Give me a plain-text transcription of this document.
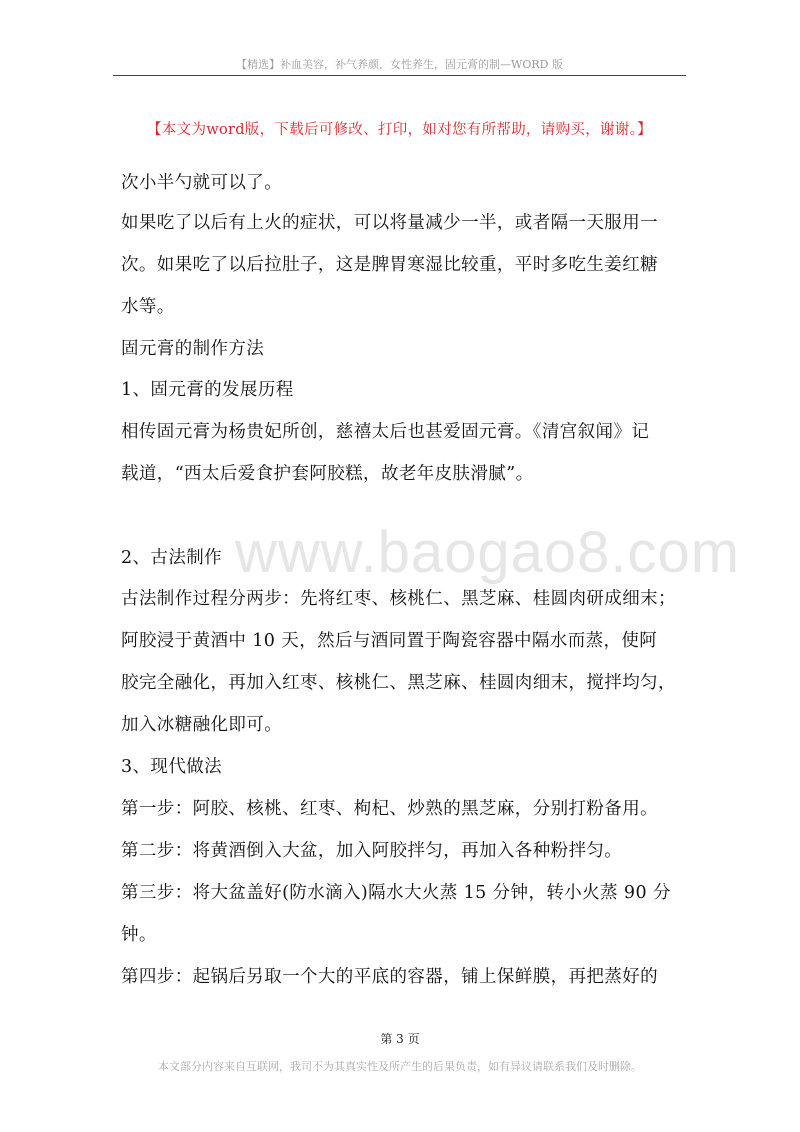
【精选】补血美容，补气养颜，女性养生，固元膏的制—WORD 版
【本文为word版，下载后可修改、打印，如对您有所帮助，请购买，谢谢。】
次小半勺就可以了。
如果吃了以后有上火的症状，可以将量减少一半，或者隔一天服用一
次。如果吃了以后拉肚子，这是脾胃寒湿比较重，平时多吃生姜红糖
水等。
固元膏的制作方法
1、固元膏的发展历程
相传固元膏为杨贵妃所创，慈禧太后也甚爱固元膏。《清宫叙闻》记
载道，“西太后爱食护套阿胶糕，故老年皮肤滑腻”。
2、古法制作
古法制作过程分两步：先将红枣、核桃仁、黑芝麻、桂圆肉研成细末；
阿胶浸于黄酒中 10 天，然后与酒同置于陶瓷容器中隔水而蒸，使阿
胶完全融化，再加入红枣、核桃仁、黑芝麻、桂圆肉细末，搅拌均匀，
加入冰糖融化即可。
3、现代做法
第一步：阿胶、核桃、红枣、枸杞、炒熟的黑芝麻，分别打粉备用。
第二步：将黄酒倒入大盆，加入阿胶拌匀，再加入各种粉拌匀。
第三步：将大盆盖好(防水滴入)隔水大火蒸 15 分钟，转小火蒸 90 分
钟。
第四步：起锅后另取一个大的平底的容器，铺上保鲜膜，再把蒸好的
www.baogao8.com
第 3 页
本文部分内容来自互联网，我司不为其真实性及所产生的后果负责，如有异议请联系我们及时删除。
